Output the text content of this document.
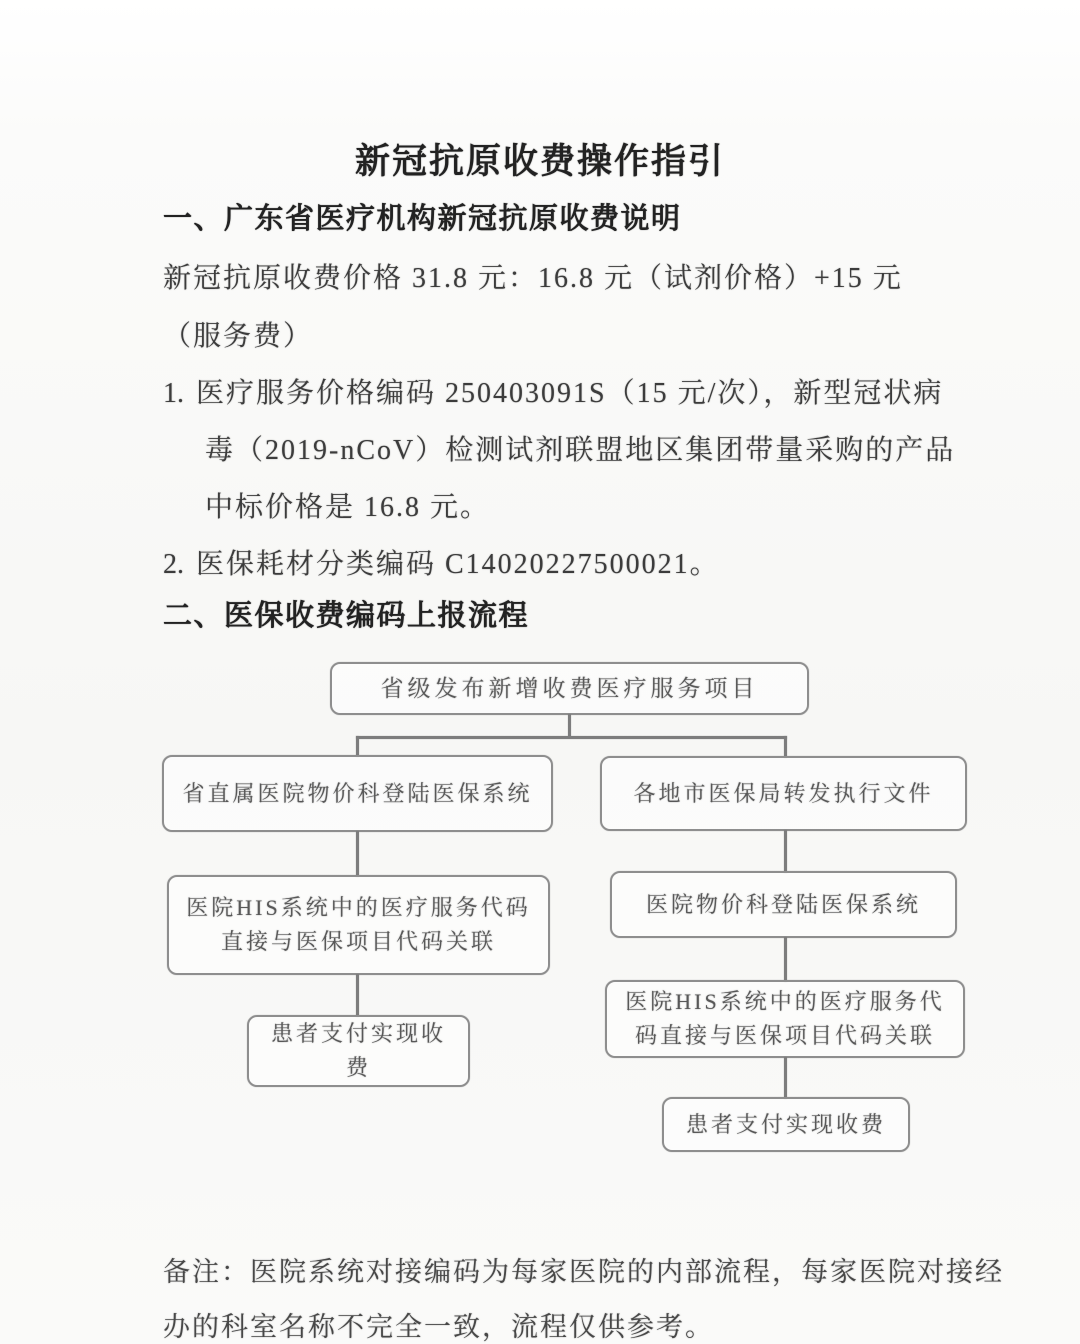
新冠抗原收费操作指引
一、广东省医疗机构新冠抗原收费说明
新冠抗原收费价格 31.8 元：16.8 元（试剂价格）+15 元
（服务费）
1. 医疗服务价格编码 250403091S（15 元/次），新型冠状病
毒（2019-nCoV）检测试剂联盟地区集团带量采购的产品
中标价格是 16.8 元。
2. 医保耗材分类编码 C14020227500021。
二、医保收费编码上报流程
省级发布新增收费医疗服务项目
省直属医院物价科登陆医保系统
医院HIS系统中的医疗服务代码直接与医保项目代码关联
患者支付实现收费
各地市医保局转发执行文件
医院物价科登陆医保系统
医院HIS系统中的医疗服务代码直接与医保项目代码关联
患者支付实现收费
备注：医院系统对接编码为每家医院的内部流程，每家医院对接经
办的科室名称不完全一致，流程仅供参考。
